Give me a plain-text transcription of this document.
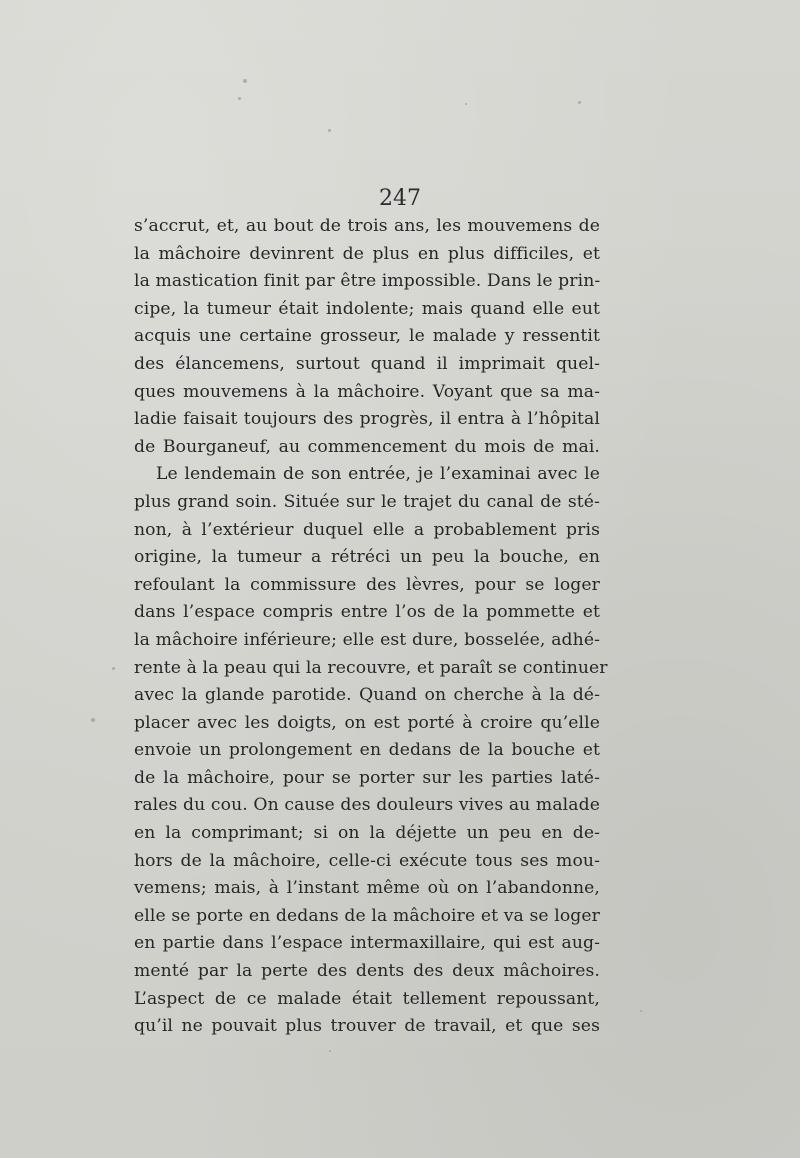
247
s’accrut, et, au bout de trois ans, les mouvemens de
la mâchoire devinrent de plus en plus difficiles, et
la mastication finit par être impossible. Dans le prin-
cipe, la tumeur était indolente; mais quand elle eut
acquis une certaine grosseur, le malade y ressentit
des élancemens, surtout quand il imprimait quel-
ques mouvemens à la mâchoire. Voyant que sa ma-
ladie faisait toujours des progrès, il entra à l’hôpital
de Bourganeuf, au commencement du mois de mai.
Le lendemain de son entrée, je l’examinai avec le
plus grand soin. Située sur le trajet du canal de sté-
non, à l’extérieur duquel elle a probablement pris
origine, la tumeur a rétréci un peu la bouche, en
refoulant la commissure des lèvres, pour se loger
dans l’espace compris entre l’os de la pommette et
la mâchoire inférieure; elle est dure, bosselée, adhé-
rente à la peau qui la recouvre, et paraît se continuer
avec la glande parotide. Quand on cherche à la dé-
placer avec les doigts, on est porté à croire qu’elle
envoie un prolongement en dedans de la bouche et
de la mâchoire, pour se porter sur les parties laté-
rales du cou. On cause des douleurs vives au malade
en la comprimant; si on la déjette un peu en de-
hors de la mâchoire, celle-ci exécute tous ses mou-
vemens; mais, à l’instant même où on l’abandonne,
elle se porte en dedans de la mâchoire et va se loger
en partie dans l’espace intermaxillaire, qui est aug-
menté par la perte des dents des deux mâchoires.
L’aspect de ce malade était tellement repoussant,
qu’il ne pouvait plus trouver de travail, et que ses
